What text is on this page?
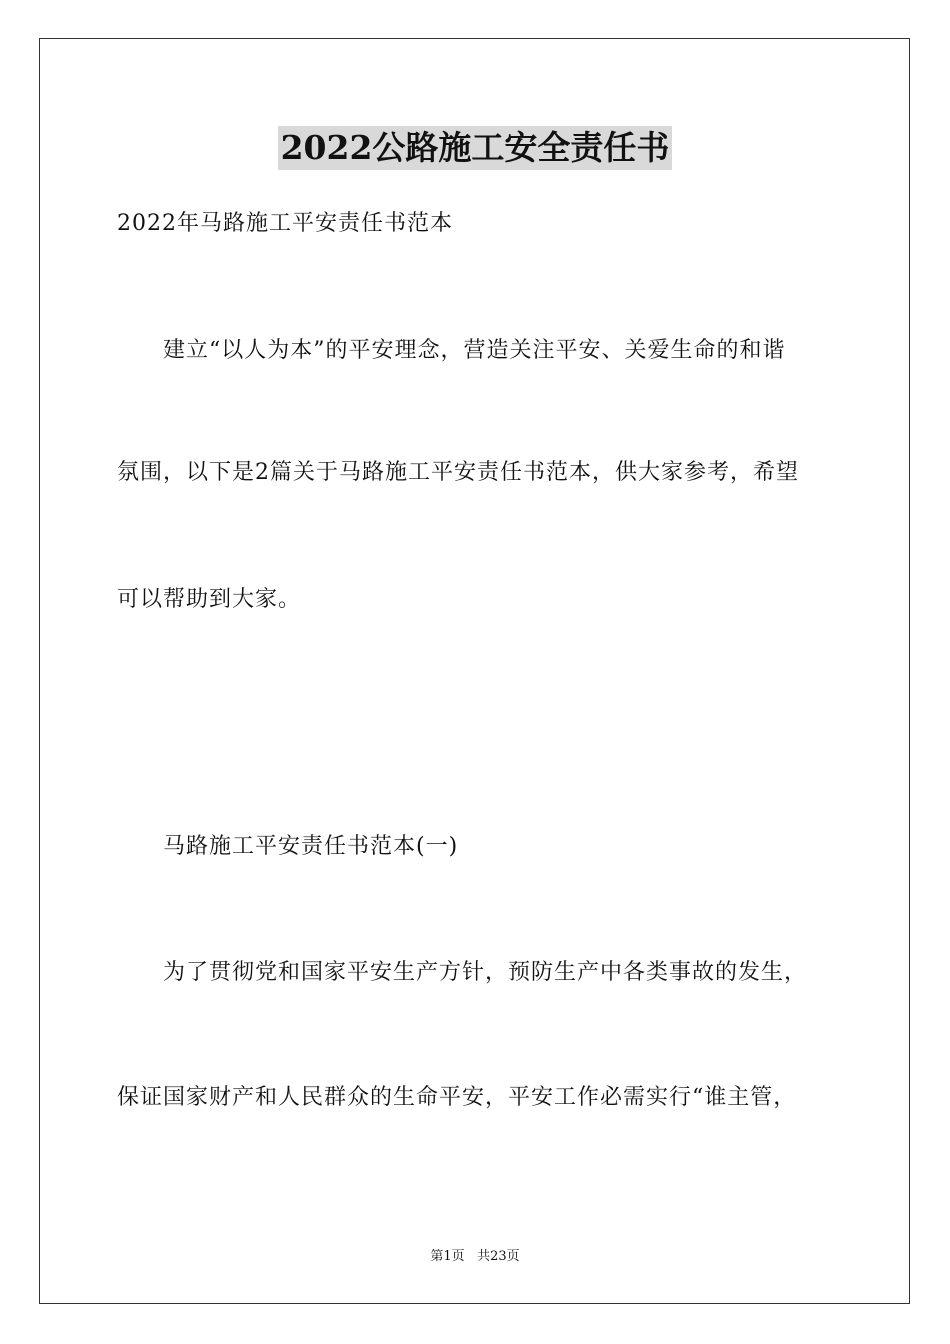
2022公路施工安全责任书
2022年马路施工平安责任书范本
建立“以人为本”的平安理念，营造关注平安、关爱生命的和谐
氛围，以下是2篇关于马路施工平安责任书范本，供大家参考，希望
可以帮助到大家。
马路施工平安责任书范本(一)
为了贯彻党和国家平安生产方针，预防生产中各类事故的发生，
保证国家财产和人民群众的生命平安，平安工作必需实行“谁主管，
第1页 共23页
